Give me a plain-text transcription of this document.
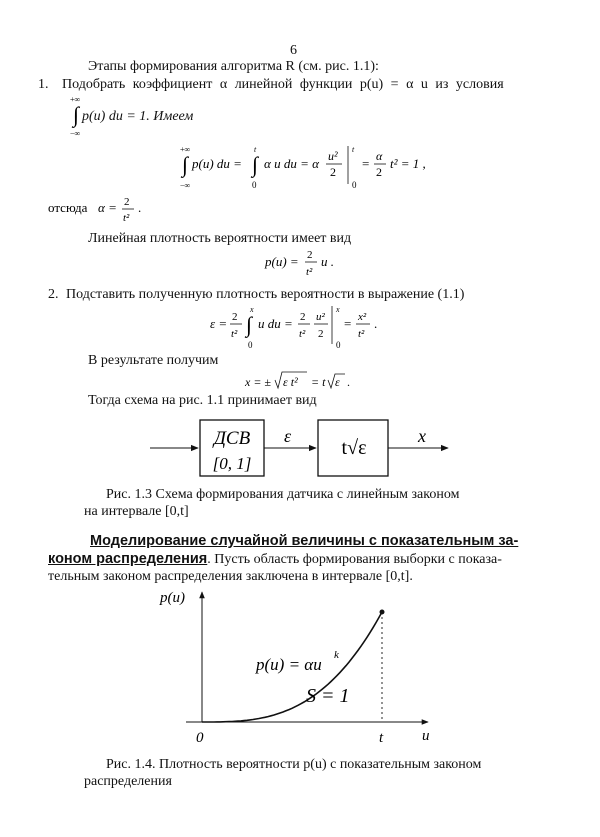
6
Этапы формирования алгоритма R (см. рис. 1.1):
1. Подобрать коэффициент α линейной функции p(u) = α u из условия
+∞
∫
−∞
p(u) du = 1. Имеем
+∞
∫
−∞
p(u) du =
t
∫
0
α u du = α u²
2
t
0
= α
2
t² = 1 ,
отсюда α = 2
t²
.
Линейная плотность вероятности имеет вид
p(u) = 2
t²
u .
2. Подставить полученную плотность вероятности в выражение (1.1)
ε = 2
t²
x
∫
0
u du = 2
t²
u²
2
x
0
= x²
t²
.
В результате получим
x = ± ε t² = t ε .
Тогда схема на рис. 1.1 принимает вид
ДСВ
[0, 1]
ε
t√ε
x
Рис. 1.3 Схема формирования датчика с линейным законом
на интервале [0,t]
Моделирование случайной величины с показательным за-
коном распределения. Пусть область формирования выборки с показа-
тельным законом распределения заключена в интервале [0,t].
p(u)
u
0	t
p(u) = αu k
S = 1
Рис. 1.4. Плотность вероятности p(u) с показательным законом
распределения
